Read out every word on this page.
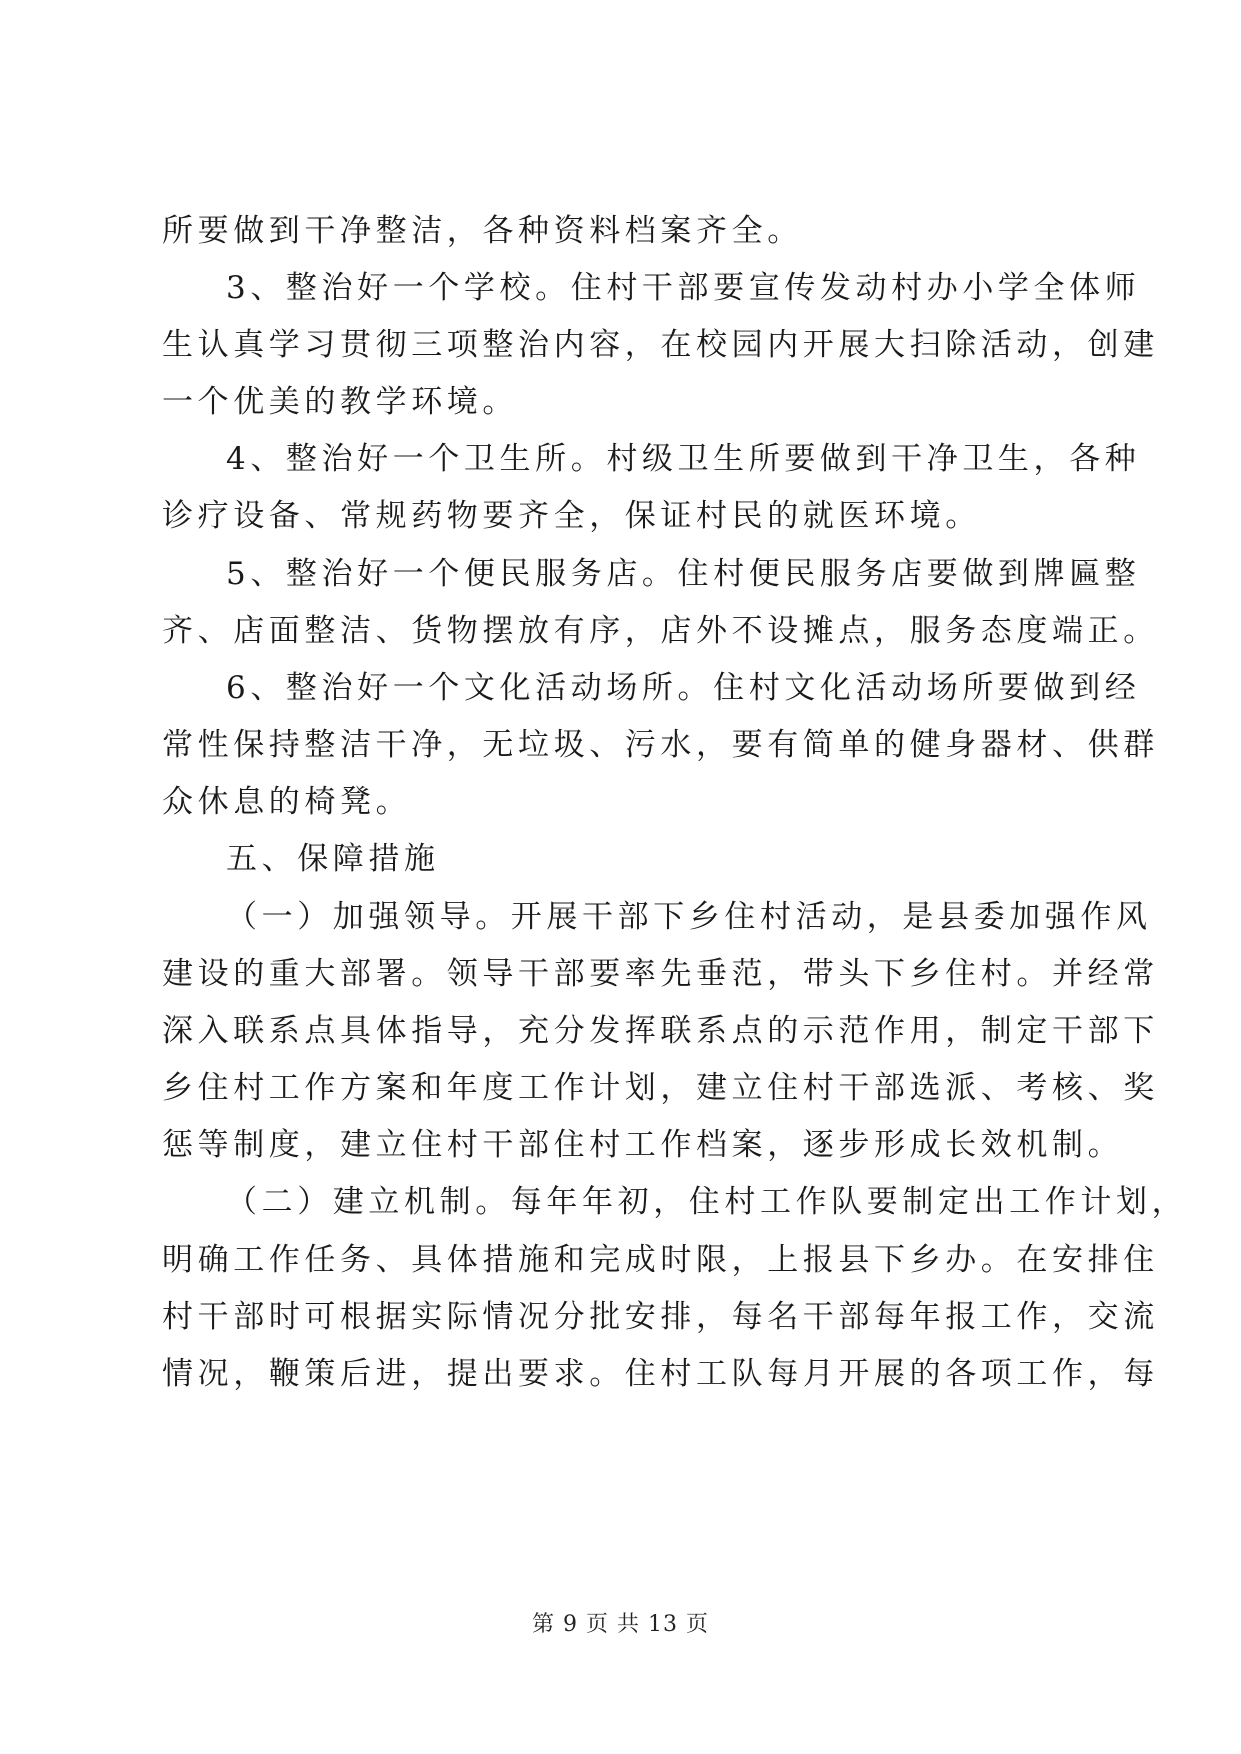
所要做到干净整洁，各种资料档案齐全。
3、整治好一个学校。住村干部要宣传发动村办小学全体师
生认真学习贯彻三项整治内容，在校园内开展大扫除活动，创建
一个优美的教学环境。
4、整治好一个卫生所。村级卫生所要做到干净卫生，各种
诊疗设备、常规药物要齐全，保证村民的就医环境。
5、整治好一个便民服务店。住村便民服务店要做到牌匾整
齐、店面整洁、货物摆放有序，店外不设摊点，服务态度端正。
6、整治好一个文化活动场所。住村文化活动场所要做到经
常性保持整洁干净，无垃圾、污水，要有简单的健身器材、供群
众休息的椅凳。
五、保障措施
（一）加强领导。开展干部下乡住村活动，是县委加强作风
建设的重大部署。领导干部要率先垂范，带头下乡住村。并经常
深入联系点具体指导，充分发挥联系点的示范作用，制定干部下
乡住村工作方案和年度工作计划，建立住村干部选派、考核、奖
惩等制度，建立住村干部住村工作档案，逐步形成长效机制。
（二）建立机制。每年年初，住村工作队要制定出工作计划，
明确工作任务、具体措施和完成时限，上报县下乡办。在安排住
村干部时可根据实际情况分批安排，每名干部每年报工作，交流
情况，鞭策后进，提出要求。住村工队每月开展的各项工作，每
第 9 页 共 13 页
